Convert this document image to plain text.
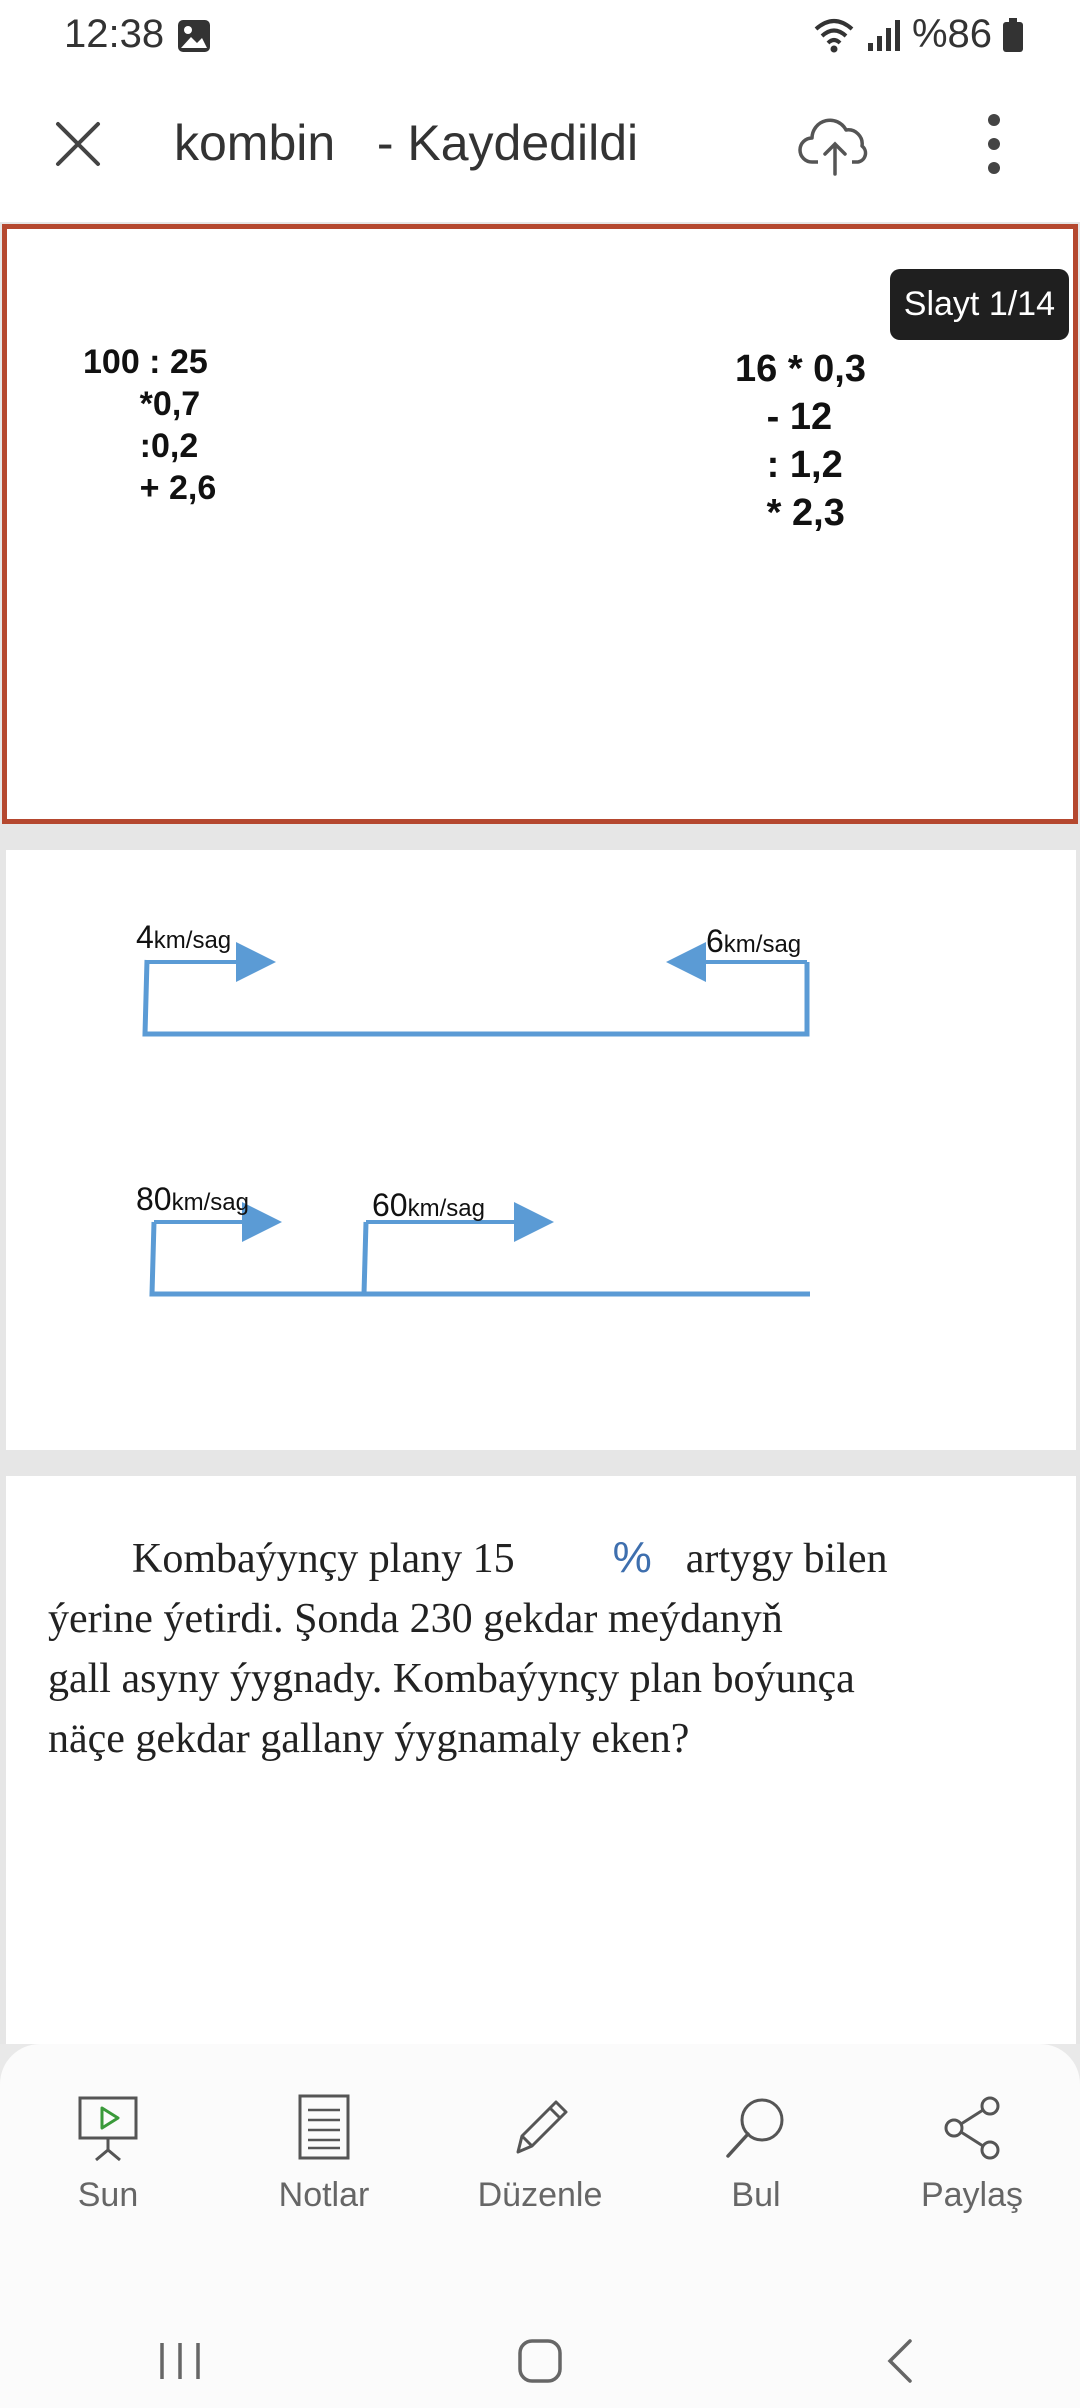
12:38	%86
kombin   - Kaydedildi
Slayt 1/14
100 : 25
*0,7
:0,2
+ 2,6
16 * 0,3
- 12
: 1,2
* 2,3
4km/sag	6km/sag
80km/sag	60km/sag
Kombaýynçy plany 15 % artygy bilen
ýerine ýetirdi. Şonda 230 gekdar meýdanyň
gall asyny ýygnady. Kombaýynçy plan boýunça
näçe gekdar gallany ýygnamaly eken?
Sun	Notlar	Düzenle	Bul	Paylaş
